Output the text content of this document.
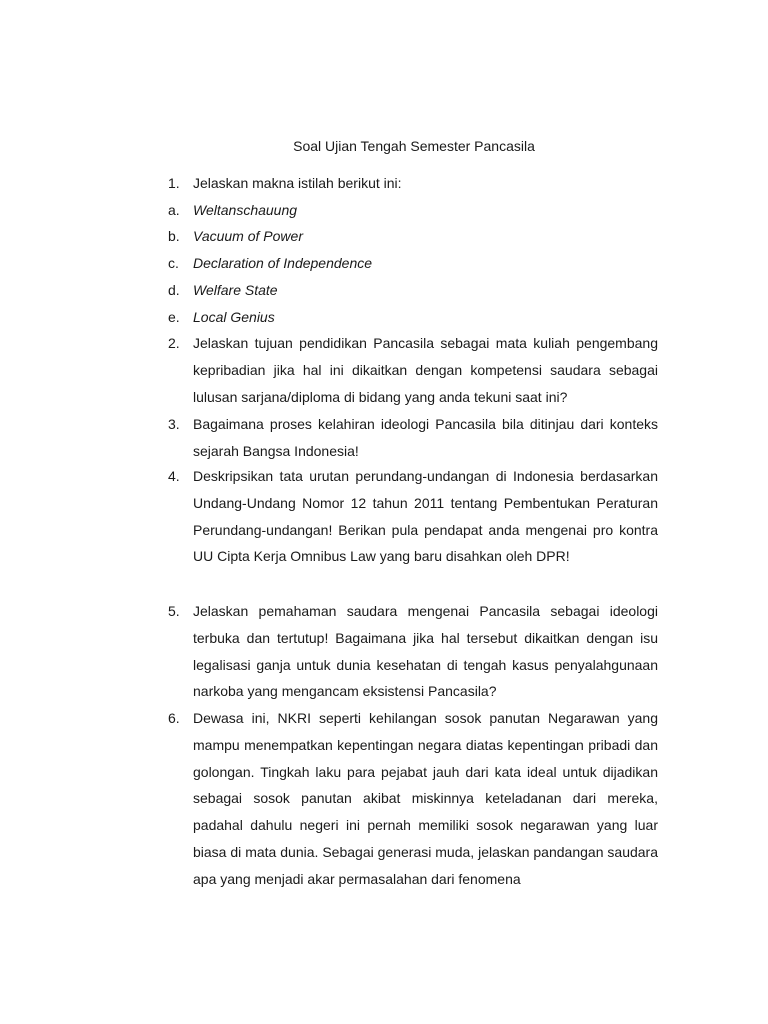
Soal Ujian Tengah Semester Pancasila
1. Jelaskan makna istilah berikut ini:
a. Weltanschauung
b. Vacuum of Power
c.	Declaration of Independence
d. Welfare State
e. Local Genius
2. Jelaskan tujuan pendidikan Pancasila sebagai mata kuliah pengembang kepribadian jika hal ini dikaitkan dengan kompetensi saudara sebagai lulusan sarjana/diploma di bidang yang anda tekuni saat ini?
3. Bagaimana proses kelahiran ideologi Pancasila bila ditinjau dari konteks sejarah Bangsa Indonesia!
4. Deskripsikan tata urutan perundang-undangan di Indonesia berdasarkan Undang-Undang Nomor 12 tahun 2011 tentang Pembentukan Peraturan Perundang-undangan! Berikan pula pendapat anda mengenai pro kontra UU Cipta Kerja Omnibus Law yang baru disahkan oleh DPR!
5. Jelaskan pemahaman saudara mengenai Pancasila sebagai ideologi terbuka dan tertutup! Bagaimana jika hal tersebut dikaitkan dengan isu legalisasi ganja untuk dunia kesehatan di tengah kasus penyalahgunaan narkoba yang mengancam eksistensi Pancasila?
6. Dewasa ini, NKRI seperti kehilangan sosok panutan Negarawan yang mampu menempatkan kepentingan negara diatas kepentingan pribadi dan golongan. Tingkah laku para pejabat jauh dari kata ideal untuk dijadikan sebagai sosok panutan akibat miskinnya keteladanan dari mereka, padahal dahulu negeri ini pernah memiliki sosok negarawan yang luar biasa di mata dunia. Sebagai generasi muda, jelaskan pandangan saudara apa yang menjadi akar permasalahan dari fenomena
